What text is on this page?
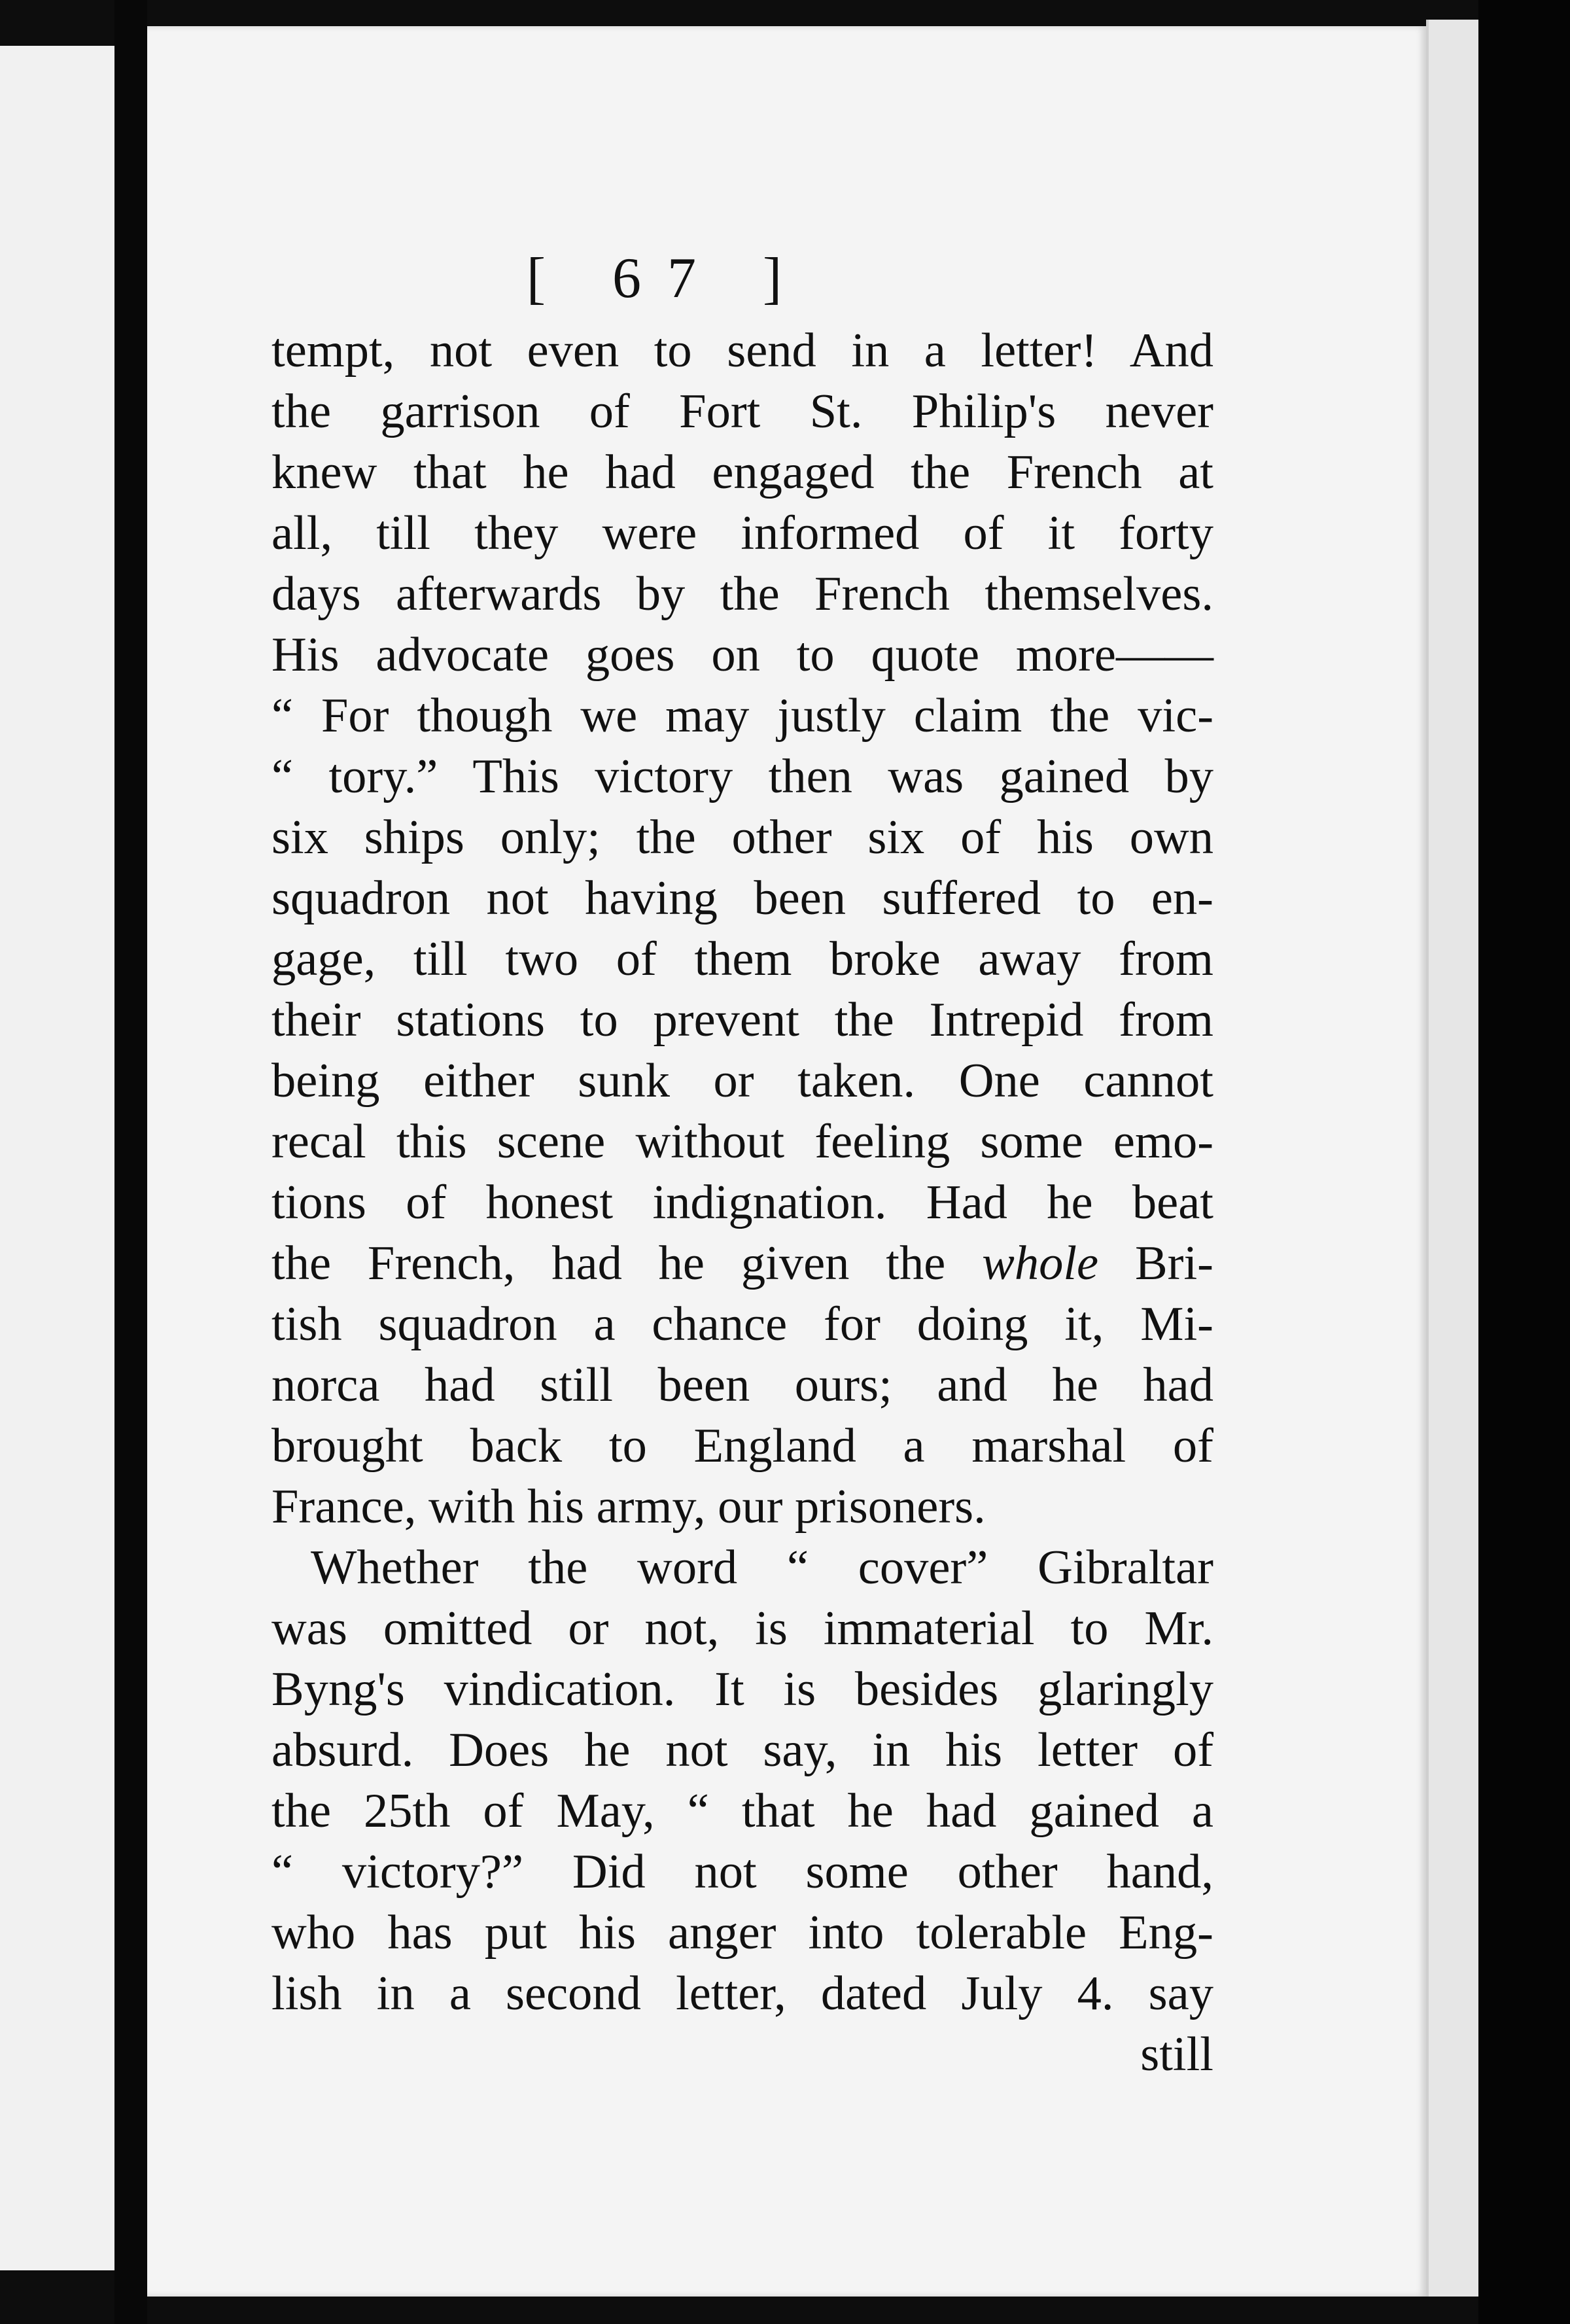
[ 67 ]
tempt, not even to send in a letter! And
the garrison of Fort St. Philip's never
knew that he had engaged the French at
all, till they were informed of it forty
days afterwards by the French themselves.
His advocate goes on to quote more——
“ For though we may justly claim the vic-
“ tory.” This victory then was gained by
six ships only; the other six of his own
squadron not having been suffered to en-
gage, till two of them broke away from
their stations to prevent the Intrepid from
being either sunk or taken. One cannot
recal this scene without feeling some emo-
tions of honest indignation. Had he beat
the French, had he given the whole Bri-
tish squadron a chance for doing it, Mi-
norca had still been ours; and he had
brought back to England a marshal of
France, with his army, our prisoners.
Whether the word “ cover” Gibraltar
was omitted or not, is immaterial to Mr.
Byng's vindication. It is besides glaringly
absurd. Does he not say, in his letter of
the 25th of May, “ that he had gained a
“ victory?” Did not some other hand,
who has put his anger into tolerable Eng-
lish in a second letter, dated July 4. say
still
